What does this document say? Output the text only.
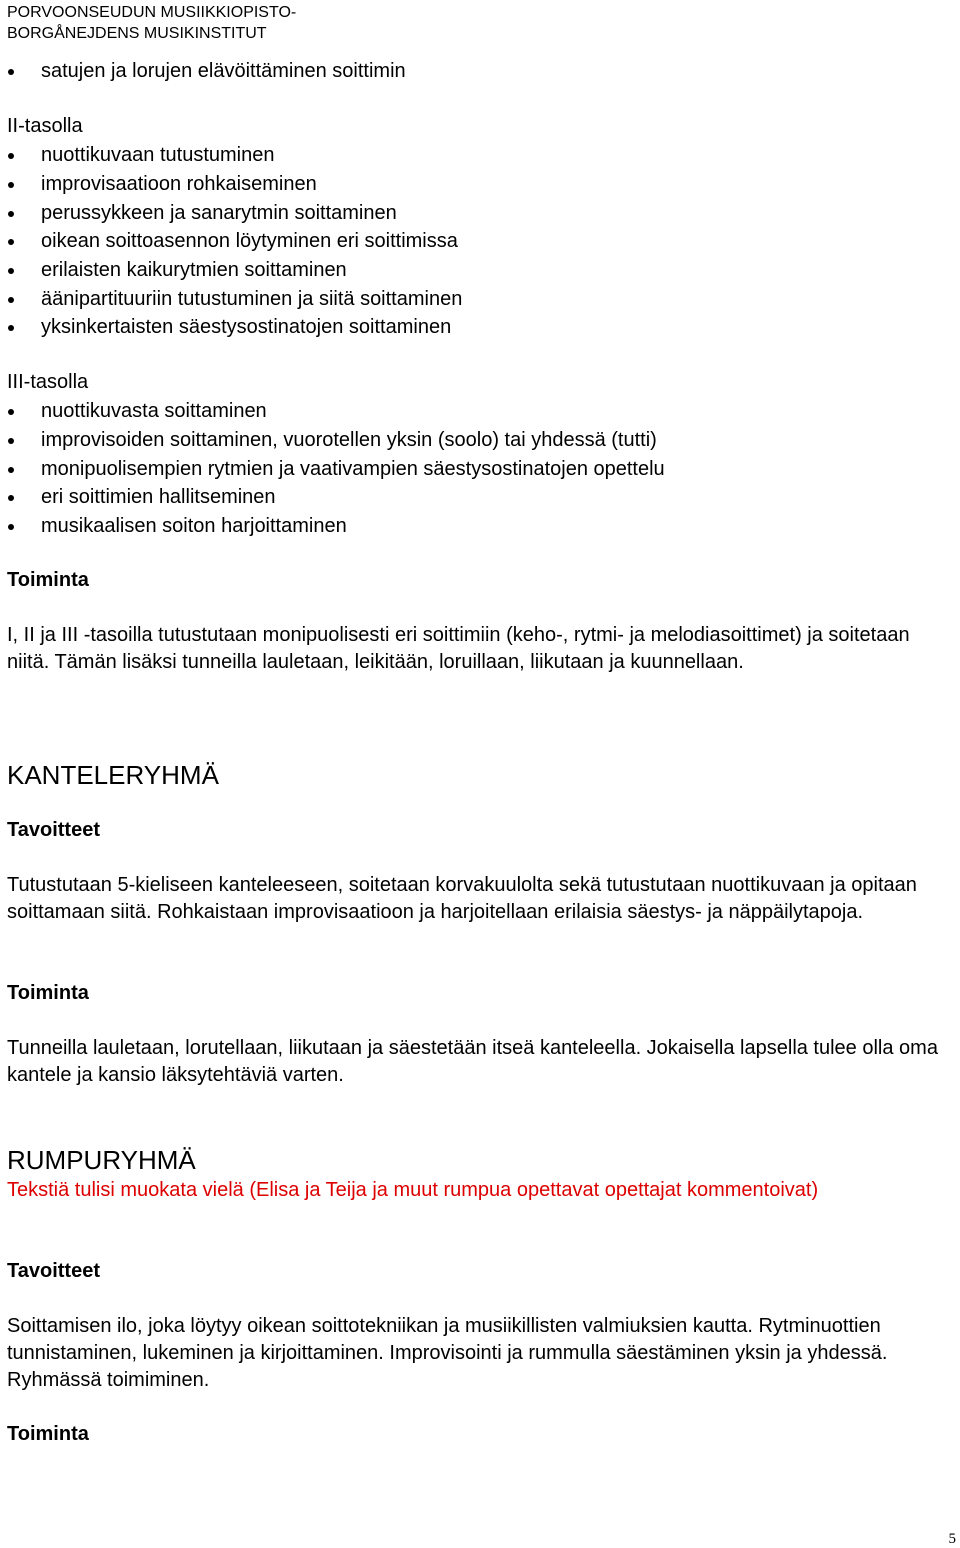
PORVOONSEUDUN MUSIIKKIOPISTO-
BORGÅNEJDENS MUSIKINSTITUT
satujen ja lorujen elävöittäminen soittimin
II-tasolla
nuottikuvaan tutustuminen
improvisaatioon rohkaiseminen
perussykkeen ja sanarytmin soittaminen
oikean soittoasennon löytyminen eri soittimissa
erilaisten kaikurytmien soittaminen
äänipartituuriin tutustuminen ja siitä soittaminen
yksinkertaisten säestysostinatojen soittaminen
III-tasolla
nuottikuvasta soittaminen
improvisoiden soittaminen, vuorotellen yksin (soolo) tai yhdessä (tutti)
monipuolisempien rytmien ja vaativampien säestysostinatojen opettelu
eri soittimien hallitseminen
musikaalisen soiton harjoittaminen
Toiminta
I, II ja III -tasoilla tutustutaan monipuolisesti eri soittimiin (keho-, rytmi- ja melodiasoittimet) ja soitetaan niitä. Tämän lisäksi tunneilla lauletaan, leikitään, loruillaan, liikutaan ja kuunnellaan.
KANTELERYHMÄ
Tavoitteet
Tutustutaan 5-kieliseen kanteleeseen, soitetaan korvakuulolta sekä tutustutaan nuottikuvaan ja opitaan soittamaan siitä. Rohkaistaan improvisaatioon ja harjoitellaan erilaisia säestys- ja näppäilytapoja.
Toiminta
Tunneilla lauletaan, lorutellaan, liikutaan ja säestetään itseä kanteleella. Jokaisella lapsella tulee olla oma kantele ja kansio läksytehtäviä varten.
RUMPURYHMÄ
Tekstiä tulisi muokata vielä (Elisa ja Teija ja muut rumpua opettavat opettajat kommentoivat)
Tavoitteet
Soittamisen ilo, joka löytyy oikean soittotekniikan ja musiikillisten valmiuksien kautta. Rytminuottien tunnistaminen, lukeminen ja kirjoittaminen. Improvisointi ja rummulla säestäminen yksin ja yhdessä. Ryhmässä toimiminen.
Toiminta
5
